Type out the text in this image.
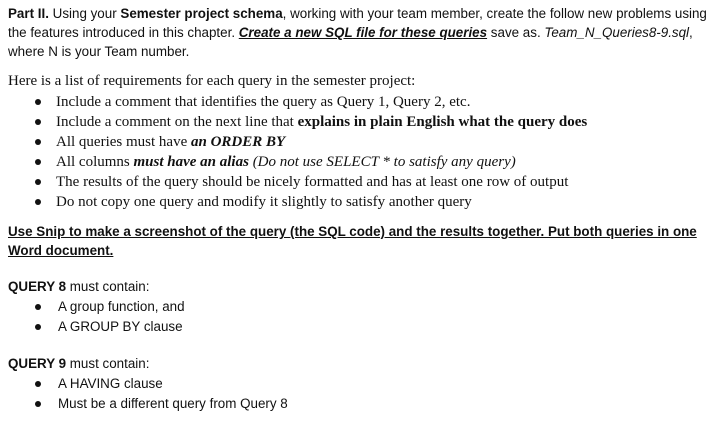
Part II. Using your Semester project schema, working with your team member, create the follow new problems using the features introduced in this chapter. Create a new SQL file for these queries save as. Team_N_Queries8-9.sql, where N is your Team number.

Here is a list of requirements for each query in the semester project:

Include a comment that identifies the query as Query 1, Query 2, etc.
Include a comment on the next line that explains in plain English what the query does
All queries must have an ORDER BY
All columns must have an alias (Do not use SELECT * to satisfy any query)
The results of the query should be nicely formatted and has at least one row of output
Do not copy one query and modify it slightly to satisfy another query

Use Snip to make a screenshot of the query (the SQL code) and the results together. Put both queries in one Word document.

QUERY 8 must contain:

A group function, and
A GROUP BY clause

QUERY 9 must contain:

A HAVING clause
Must be a different query from Query 8
